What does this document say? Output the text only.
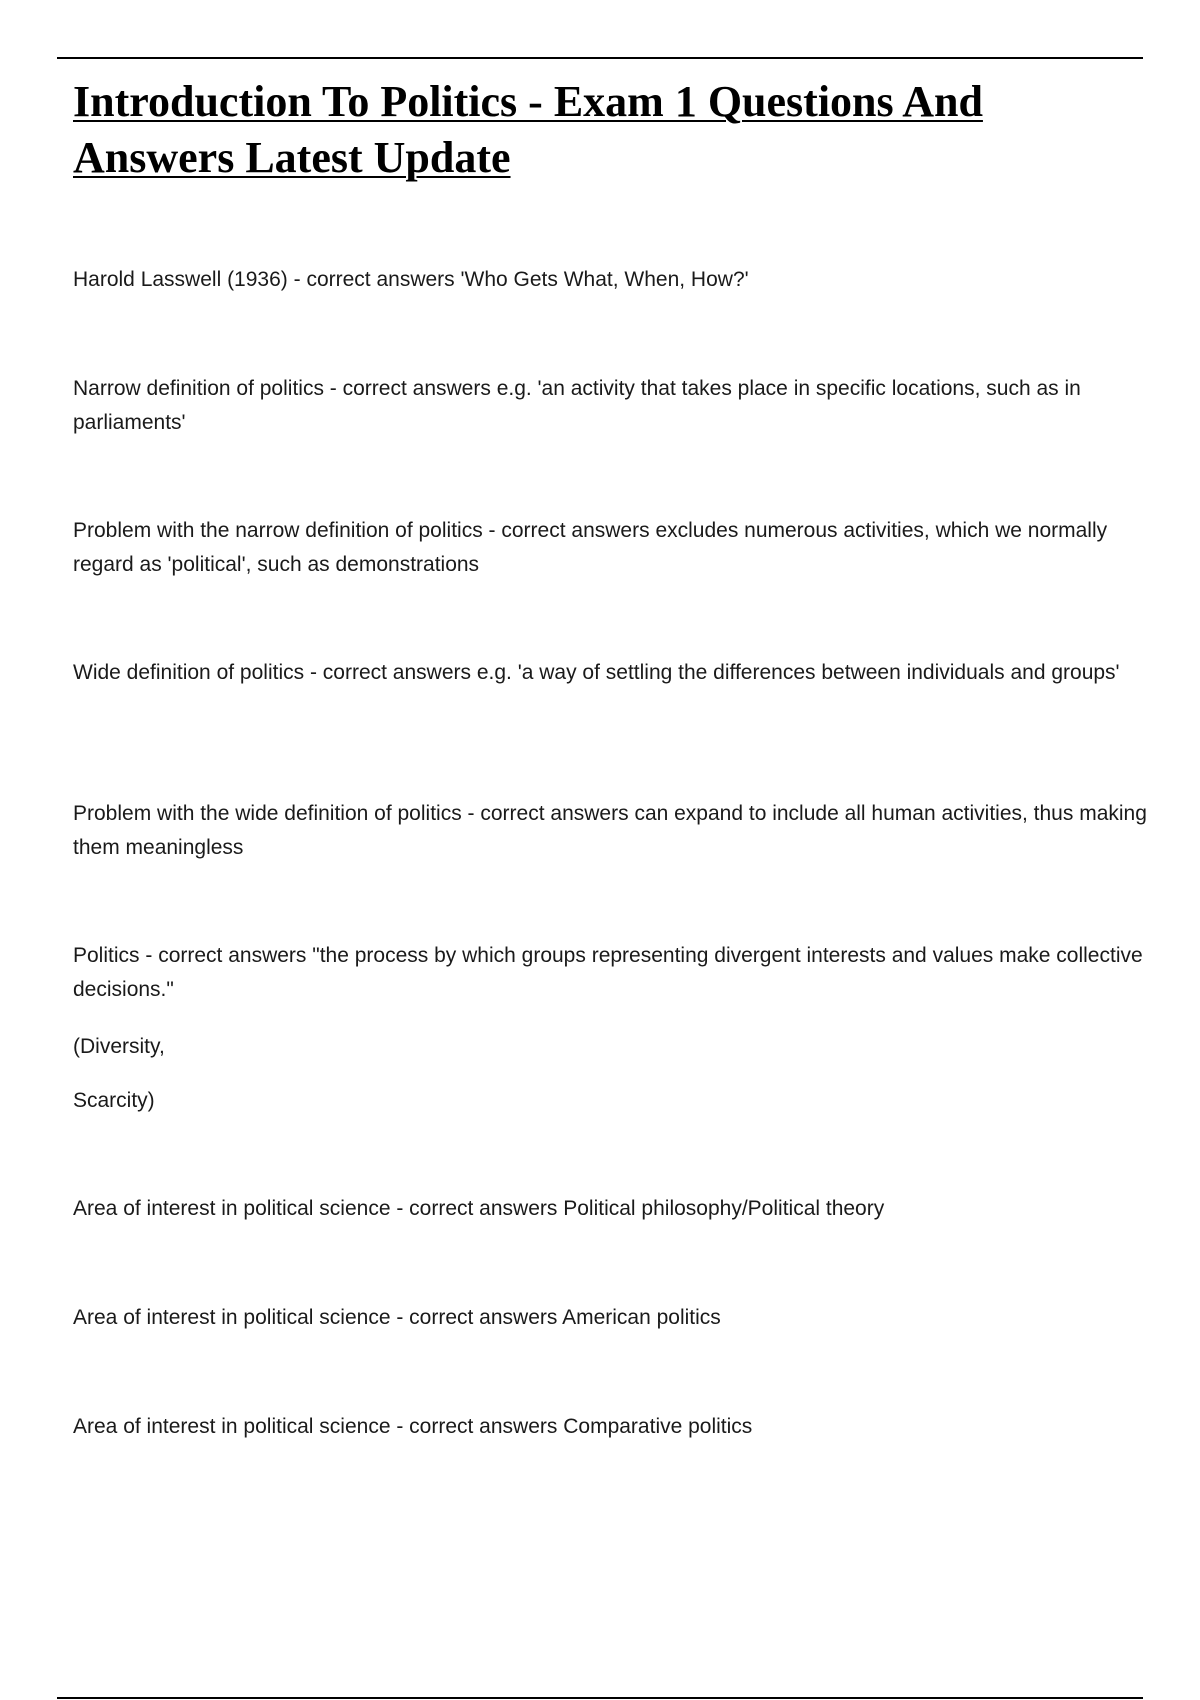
Introduction To Politics - Exam 1 Questions And Answers Latest Update

Harold Lasswell (1936) - correct answers 'Who Gets What, When, How?'

Narrow definition of politics - correct answers e.g. 'an activity that takes place in specific locations, such as in parliaments'

Problem with the narrow definition of politics - correct answers excludes numerous activities, which we normally regard as 'political', such as demonstrations

Wide definition of politics - correct answers e.g. 'a way of settling the differences between individuals and groups'

Problem with the wide definition of politics - correct answers can expand to include all human activities, thus making them meaningless

Politics - correct answers "the process by which groups representing divergent interests and values make collective decisions."

(Diversity,

Scarcity)

Area of interest in political science - correct answers Political philosophy/Political theory

Area of interest in political science - correct answers American politics

Area of interest in political science - correct answers Comparative politics
